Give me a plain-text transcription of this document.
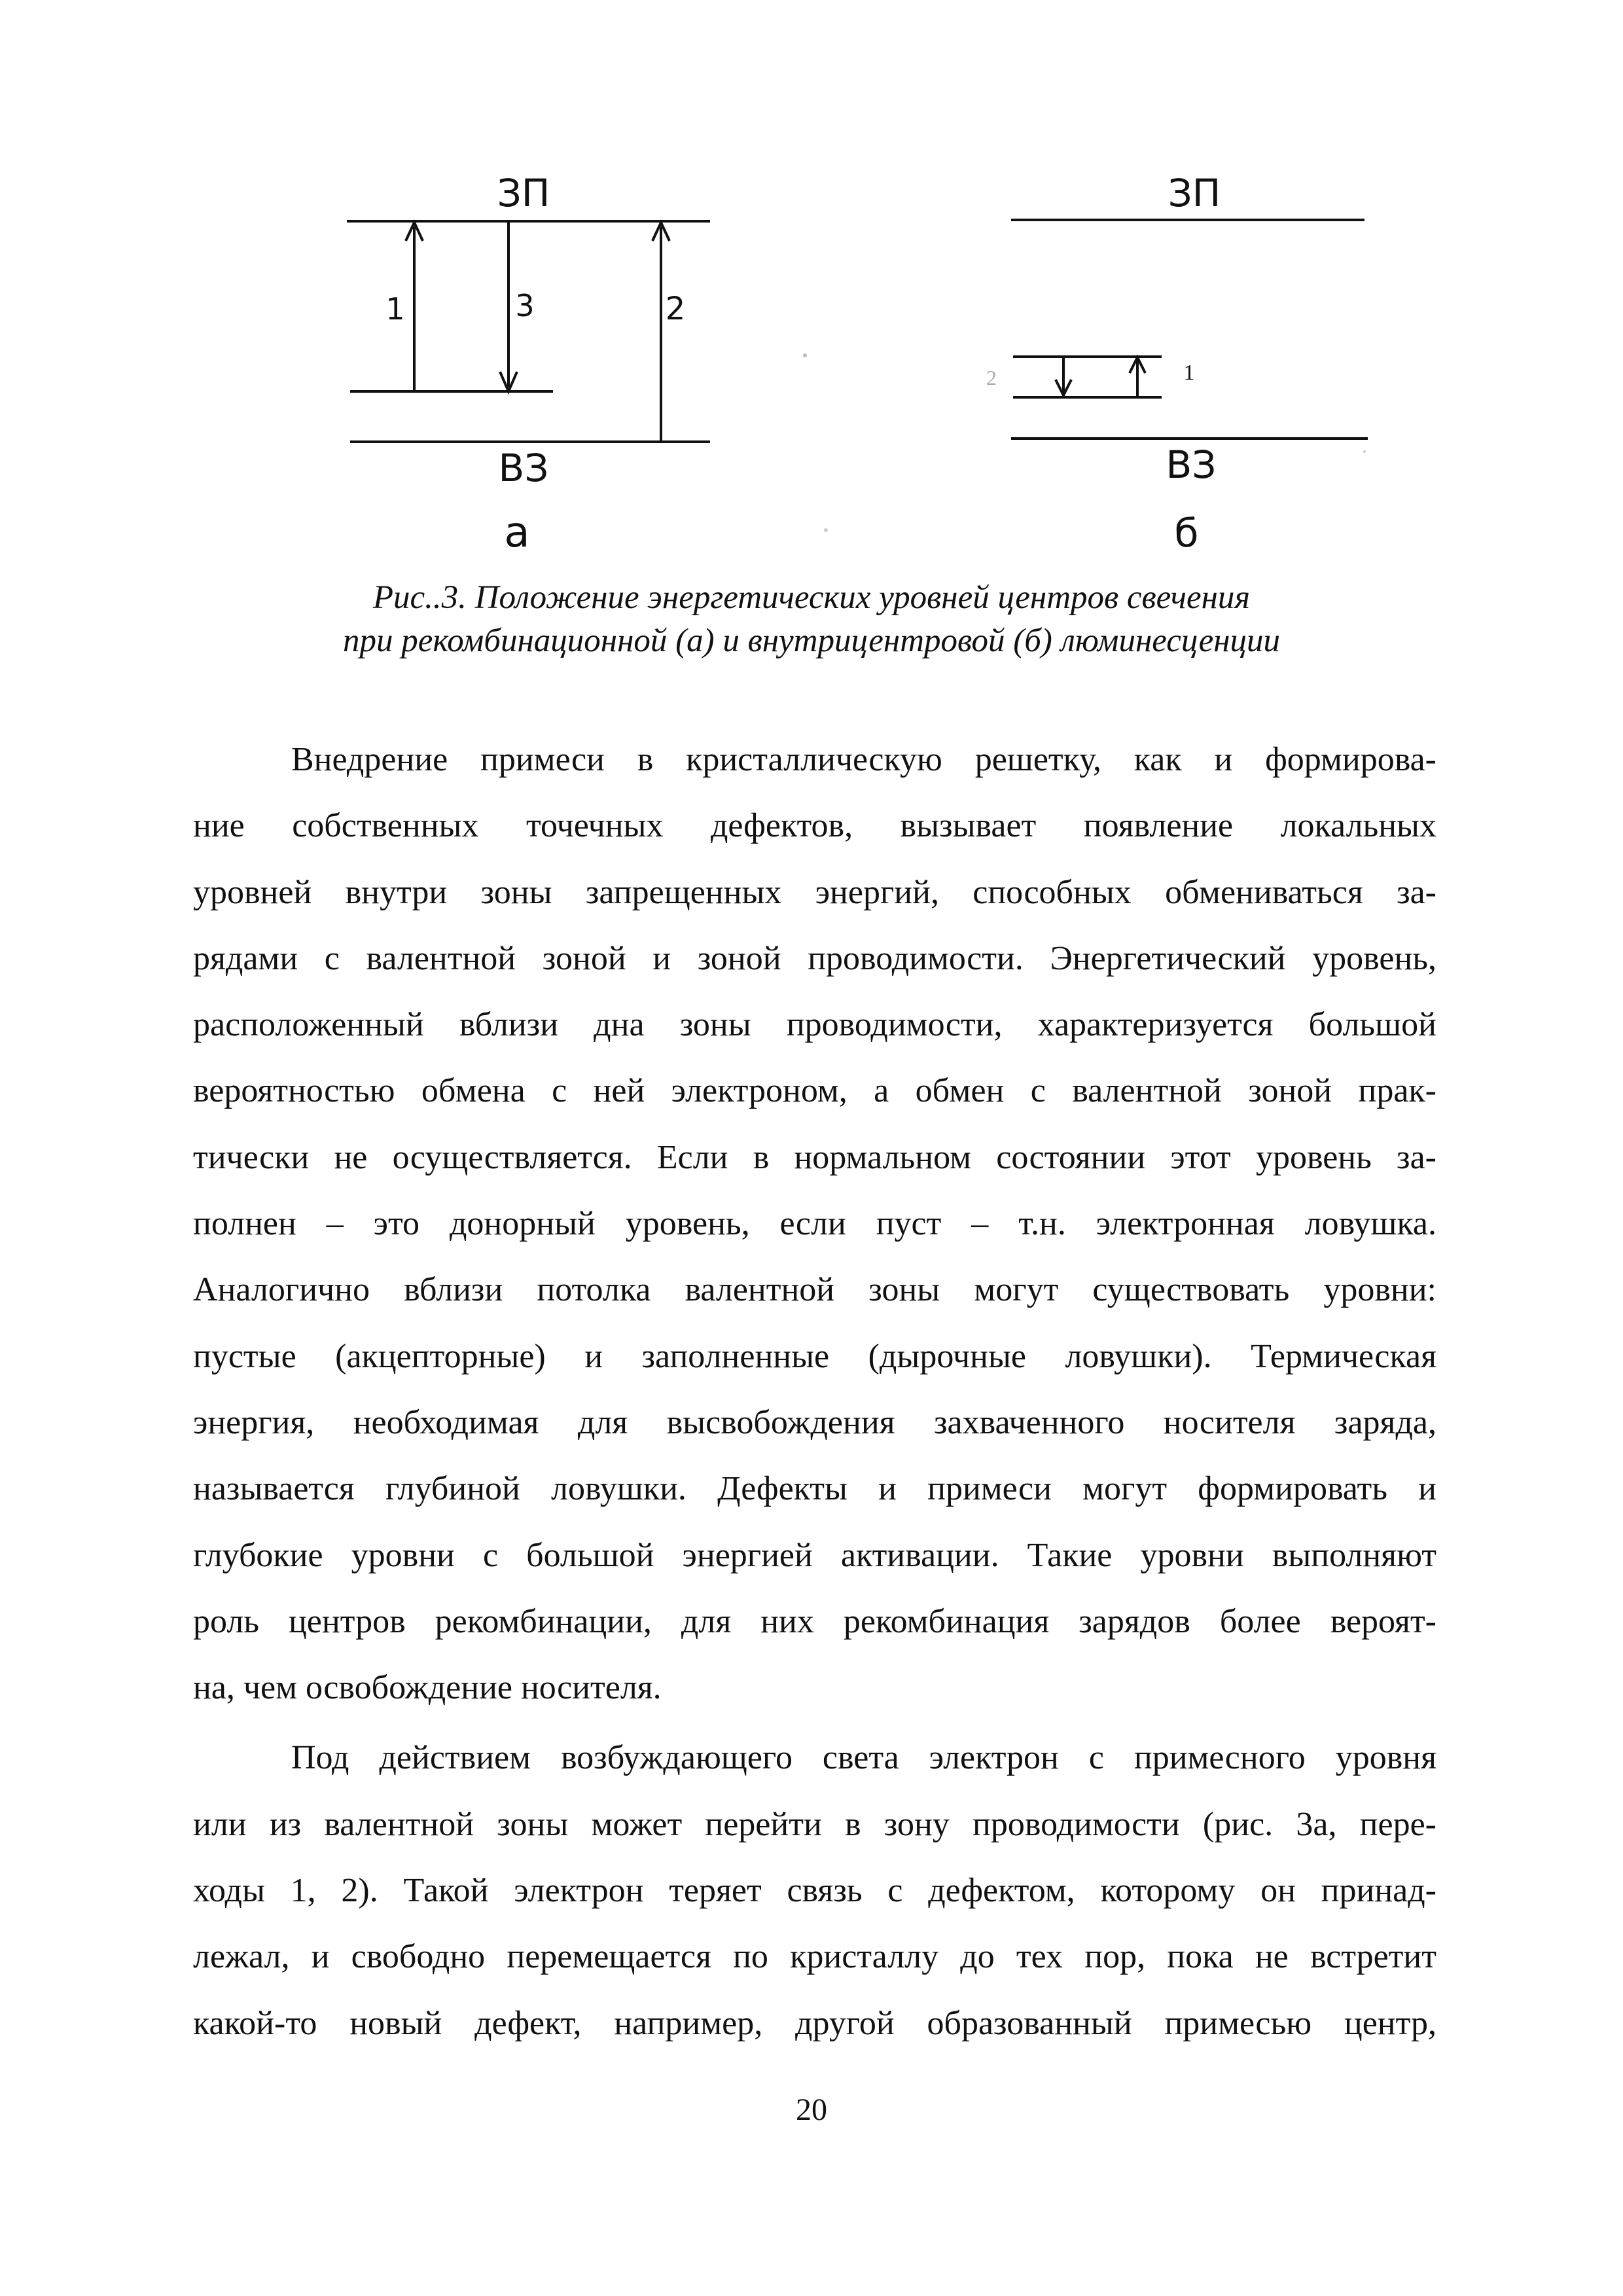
ЗП
1	3	2
ВЗ
а
ЗП
2	1
ВЗ
б
Рис..3. Положение энергетических уровней центров свечения
при рекомбинационной (а) и внутрицентровой (б) люминесценции
Внедрение примеси в кристаллическую решетку, как и формирова-
ние собственных точечных дефектов, вызывает появление локальных
уровней внутри зоны запрещенных энергий, способных обмениваться за-
рядами с валентной зоной и зоной проводимости. Энергетический уровень,
расположенный вблизи дна зоны проводимости, характеризуется большой
вероятностью обмена с ней электроном, а обмен с валентной зоной прак-
тически не осуществляется. Если в нормальном состоянии этот уровень за-
полнен – это донорный уровень, если пуст – т.н. электронная ловушка.
Аналогично вблизи потолка валентной зоны могут существовать уровни:
пустые (акцепторные) и заполненные (дырочные ловушки). Термическая
энергия, необходимая для высвобождения захваченного носителя заряда,
называется глубиной ловушки. Дефекты и примеси могут формировать и
глубокие уровни с большой энергией активации. Такие уровни выполняют
роль центров рекомбинации, для них рекомбинация зарядов более вероят-
на, чем освобождение носителя.
Под действием возбуждающего света электрон с примесного уровня
или из валентной зоны может перейти в зону проводимости (рис. 3а, пере-
ходы 1, 2). Такой электрон теряет связь с дефектом, которому он принад-
лежал, и свободно перемещается по кристаллу до тех пор, пока не встретит
какой-то новый дефект, например, другой образованный примесью центр,
20
